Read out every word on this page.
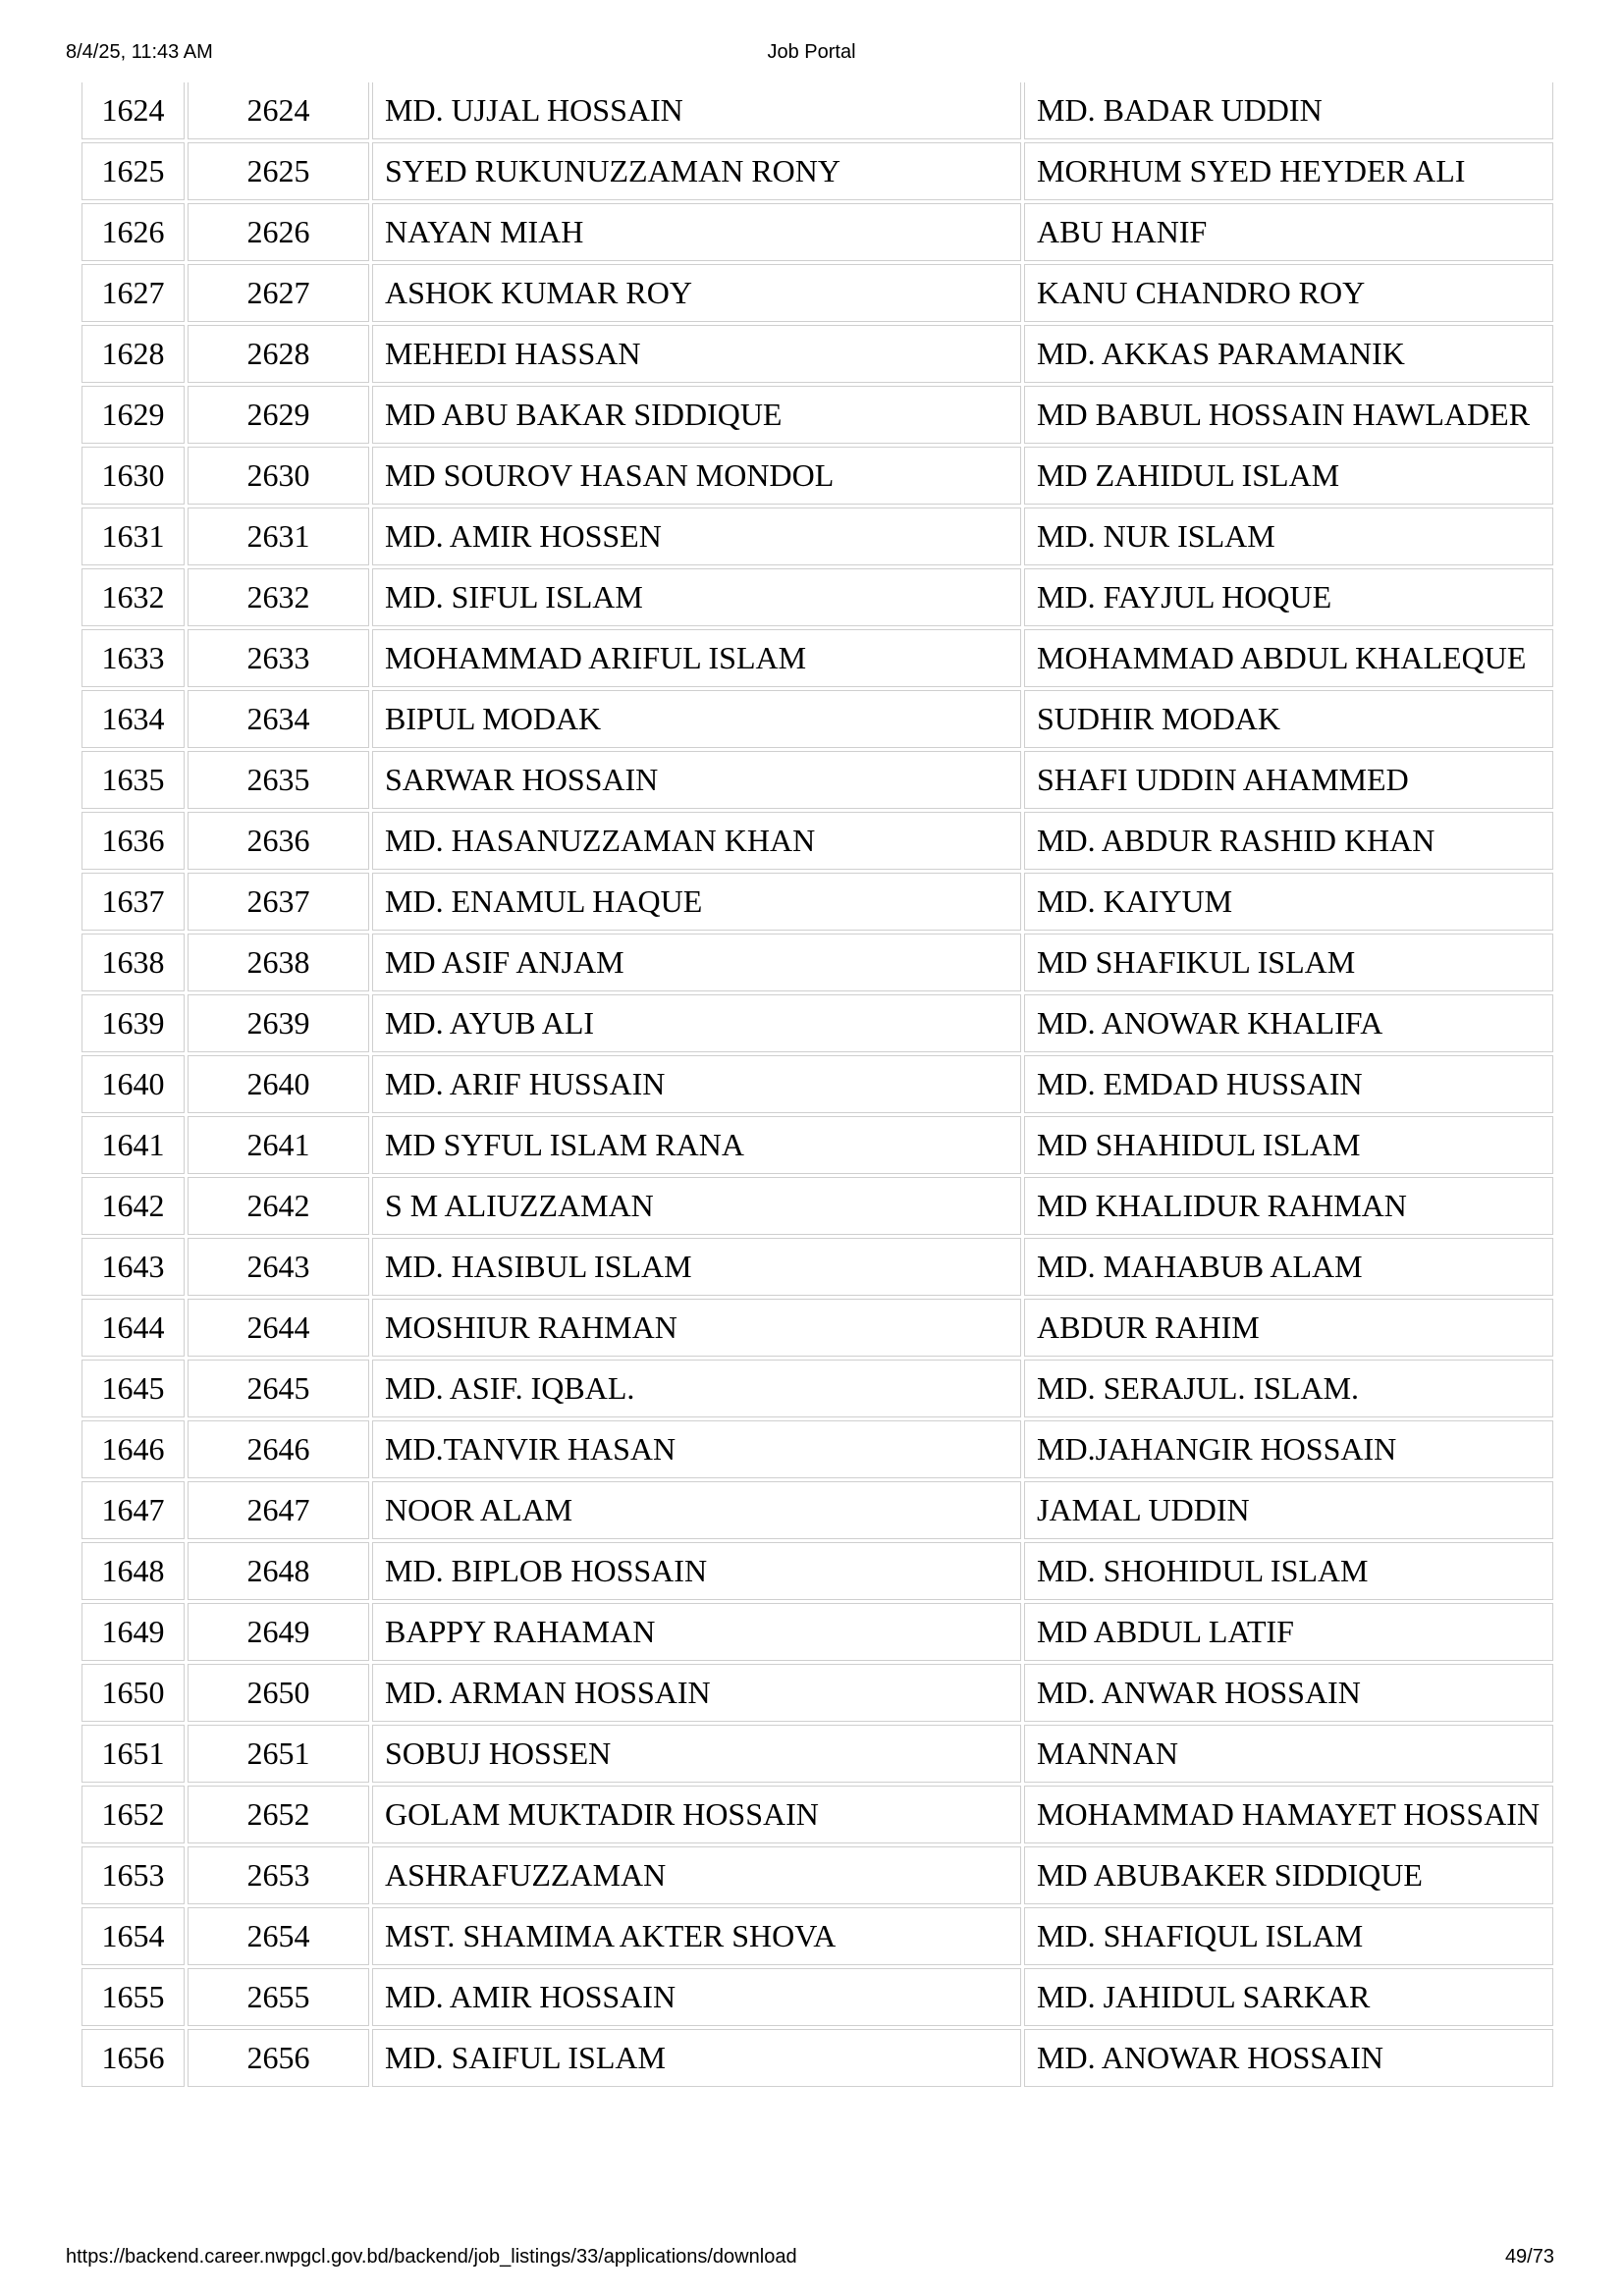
8/4/25, 11:43 AM	Job Portal
1624	2624	MD. UJJAL HOSSAIN	MD. BADAR UDDIN
1625	2625	SYED RUKUNUZZAMAN RONY	MORHUM SYED HEYDER ALI
1626	2626	NAYAN MIAH	ABU HANIF
1627	2627	ASHOK KUMAR ROY	KANU CHANDRO ROY
1628	2628	MEHEDI HASSAN	MD. AKKAS PARAMANIK
1629	2629	MD ABU BAKAR SIDDIQUE	MD BABUL HOSSAIN HAWLADER
1630	2630	MD SOUROV HASAN MONDOL	MD ZAHIDUL ISLAM
1631	2631	MD. AMIR HOSSEN	MD. NUR ISLAM
1632	2632	MD. SIFUL ISLAM	MD. FAYJUL HOQUE
1633	2633	MOHAMMAD ARIFUL ISLAM	MOHAMMAD ABDUL KHALEQUE
1634	2634	BIPUL MODAK	SUDHIR MODAK
1635	2635	SARWAR HOSSAIN	SHAFI UDDIN AHAMMED
1636	2636	MD. HASANUZZAMAN KHAN	MD. ABDUR RASHID KHAN
1637	2637	MD. ENAMUL HAQUE	MD. KAIYUM
1638	2638	MD ASIF ANJAM	MD SHAFIKUL ISLAM
1639	2639	MD. AYUB ALI	MD. ANOWAR KHALIFA
1640	2640	MD. ARIF HUSSAIN	MD. EMDAD HUSSAIN
1641	2641	MD SYFUL ISLAM RANA	MD SHAHIDUL ISLAM
1642	2642	S M ALIUZZAMAN	MD KHALIDUR RAHMAN
1643	2643	MD. HASIBUL ISLAM	MD. MAHABUB ALAM
1644	2644	MOSHIUR RAHMAN	ABDUR RAHIM
1645	2645	MD. ASIF. IQBAL.	MD. SERAJUL. ISLAM.
1646	2646	MD.TANVIR HASAN	MD.JAHANGIR HOSSAIN
1647	2647	NOOR ALAM	JAMAL UDDIN
1648	2648	MD. BIPLOB HOSSAIN	MD. SHOHIDUL ISLAM
1649	2649	BAPPY RAHAMAN	MD ABDUL LATIF
1650	2650	MD. ARMAN HOSSAIN	MD. ANWAR HOSSAIN
1651	2651	SOBUJ HOSSEN	MANNAN
1652	2652	GOLAM MUKTADIR HOSSAIN	MOHAMMAD HAMAYET HOSSAIN
1653	2653	ASHRAFUZZAMAN	MD ABUBAKER SIDDIQUE
1654	2654	MST. SHAMIMA AKTER SHOVA	MD. SHAFIQUL ISLAM
1655	2655	MD. AMIR HOSSAIN	MD. JAHIDUL SARKAR
1656	2656	MD. SAIFUL ISLAM	MD. ANOWAR HOSSAIN
https://backend.career.nwpgcl.gov.bd/backend/job_listings/33/applications/download	49/73
